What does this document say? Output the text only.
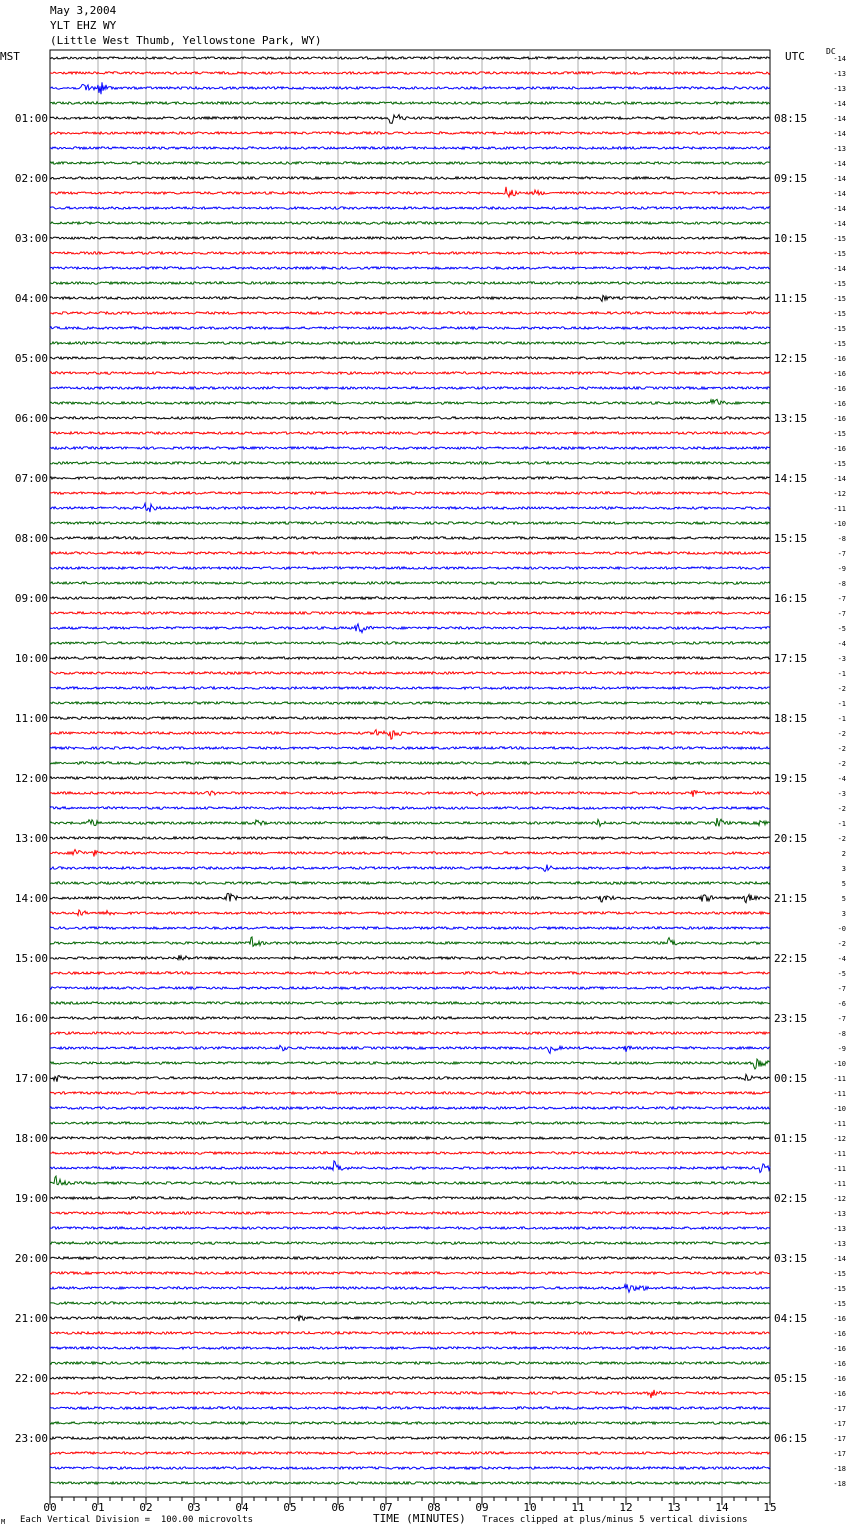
May 3,2004
YLT EHZ WY
(Little West Thumb, Yellowstone Park, WY)
MST	UTC	DC
00	01	02	03	04	05	06	07	08	09	10	11	12	13	14	15
-14
-13
-13
-14
-14
01:00	08:15
-14
-13
-14
-14
02:00	09:15
-14
-14
-14
-15
03:00	10:15
-15
-14
-15
-15
04:00	11:15
-15
-15
-15
-16
05:00	12:15
-16
-16
-16
-16
06:00	13:15
-15
-16
-15
-14
07:00	14:15
-12
-11
-10
-8
08:00	15:15
-7
-9
-8
-7
09:00	16:15
-7
-5
-4
-3
10:00	17:15
-1
-2
-1
-1
11:00	18:15
-2
-2
-2
-4
12:00	19:15
-3
-2
-1
-2
13:00	20:15
2
3
5
5
14:00	21:15
3
-0
-2
-4
15:00	22:15
-5
-7
-6
-7
16:00	23:15
-8
-9
-10
-11
17:00	00:15
-11
-10
-11
-12
18:00	01:15
-11
-11
-11
-12
19:00	02:15
-13
-13
-13
-14
20:00	03:15
-15
-15
-15
-16
21:00	04:15
-16
-16
-16
-16
22:00	05:15
-16
-17
-17
-17
23:00	06:15
-17
-18
-18
M Each Vertical Division =  100.00 microvolts	TIME (MINUTES) Traces clipped at plus/minus 5 vertical divisions
